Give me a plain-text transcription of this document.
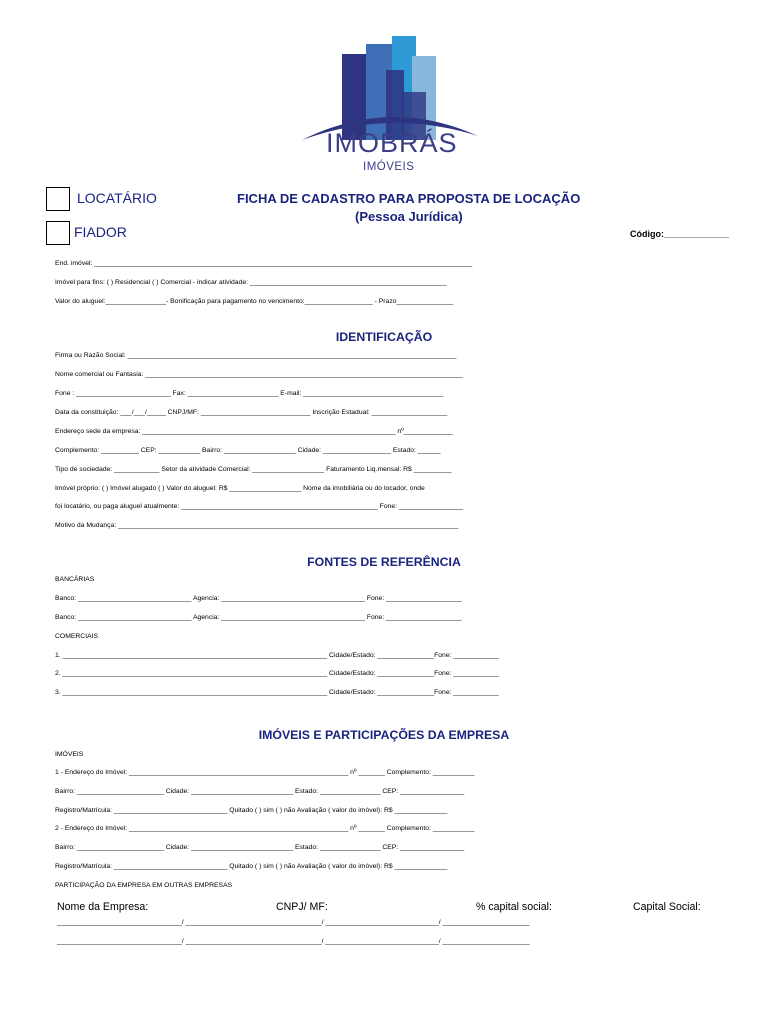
IMOBRÁS
IMÓVEIS
LOCATÁRIO
FIADOR
FICHA DE CADASTRO PARA PROPOSTA DE LOCAÇÃO
(Pessoa Jurídica)
Código:_____________
End. imóvel: ____________________________________________________________________________________________________
Imóvel para fins: ( ) Residencial ( ) Comercial - indicar atividade: ____________________________________________________
Valor do aluguel:________________- Bonificação para pagamento no vencimento:__________________ - Prazo_______________
IDENTIFICAÇÃO
Firma ou Razão Social: _______________________________________________________________________________________
Nome comercial ou Fantasia: ____________________________________________________________________________________
Fone : _________________________ Fax: ________________________ E-mail: _____________________________________
Data da constituição: ___/___/_____ CNPJ/MF: _____________________________ Inscrição Estadual: ____________________
Endereço sede da empresa: ___________________________________________________________________ nº_____________
Complemento: __________ CEP: ___________ Bairro: ___________________ Cidade: __________________ Estado: ______
Tipo de sociedade: ____________ Setor da atividade Comercial: ___________________ Faturamento Liq.mensal: R$ __________
Imóvel próprio: ( ) Imóvel alugado ( ) Valor do aluguel: R$ ___________________ Nome da imobiliária ou do locador, onde
foi locatário, ou paga aluguel atualmente: ____________________________________________________ Fone: _________________
Motivo da Mudança: __________________________________________________________________________________________
FONTES DE REFERÊNCIA
BANCÁRIAS
Banco: ______________________________ Agencia: ______________________________________ Fone: ____________________
Banco: ______________________________ Agencia: ______________________________________ Fone: ____________________
COMERCIAIS
1. ______________________________________________________________________ Cidade/Estado: _______________Fone: ____________
2. ______________________________________________________________________ Cidade/Estado: _______________Fone: ____________
3. ______________________________________________________________________ Cidade/Estado: _______________Fone: ____________
IMÓVEIS E PARTICIPAÇÕES DA EMPRESA
IMÓVEIS
1 - Endereço do Imóvel: __________________________________________________________ nº _______ Complemento: ___________
Bairro: _______________________ Cidade: ___________________________ Estado: ________________ CEP: _________________
Registro/Matrícula: ______________________________ Quitado ( ) sim ( ) não Avaliação ( valor do imóvel): R$ ______________
2 - Endereço do Imóvel: __________________________________________________________ nº _______ Complemento: ___________
Bairro: _______________________ Cidade: ___________________________ Estado: ________________ CEP: _________________
Registro/Matrícula: ______________________________ Quitado ( ) sim ( ) não Avaliação ( valor do imóvel): R$ ______________
PARTICIPAÇÃO DA EMPRESA EM OUTRAS EMPRESAS
Nome da Empresa:	CNPJ/ MF:	% capital social:	Capital Social:
_________________________________/ ____________________________________/ ______________________________/ _______________________
_________________________________/ ____________________________________/ ______________________________/ _______________________
